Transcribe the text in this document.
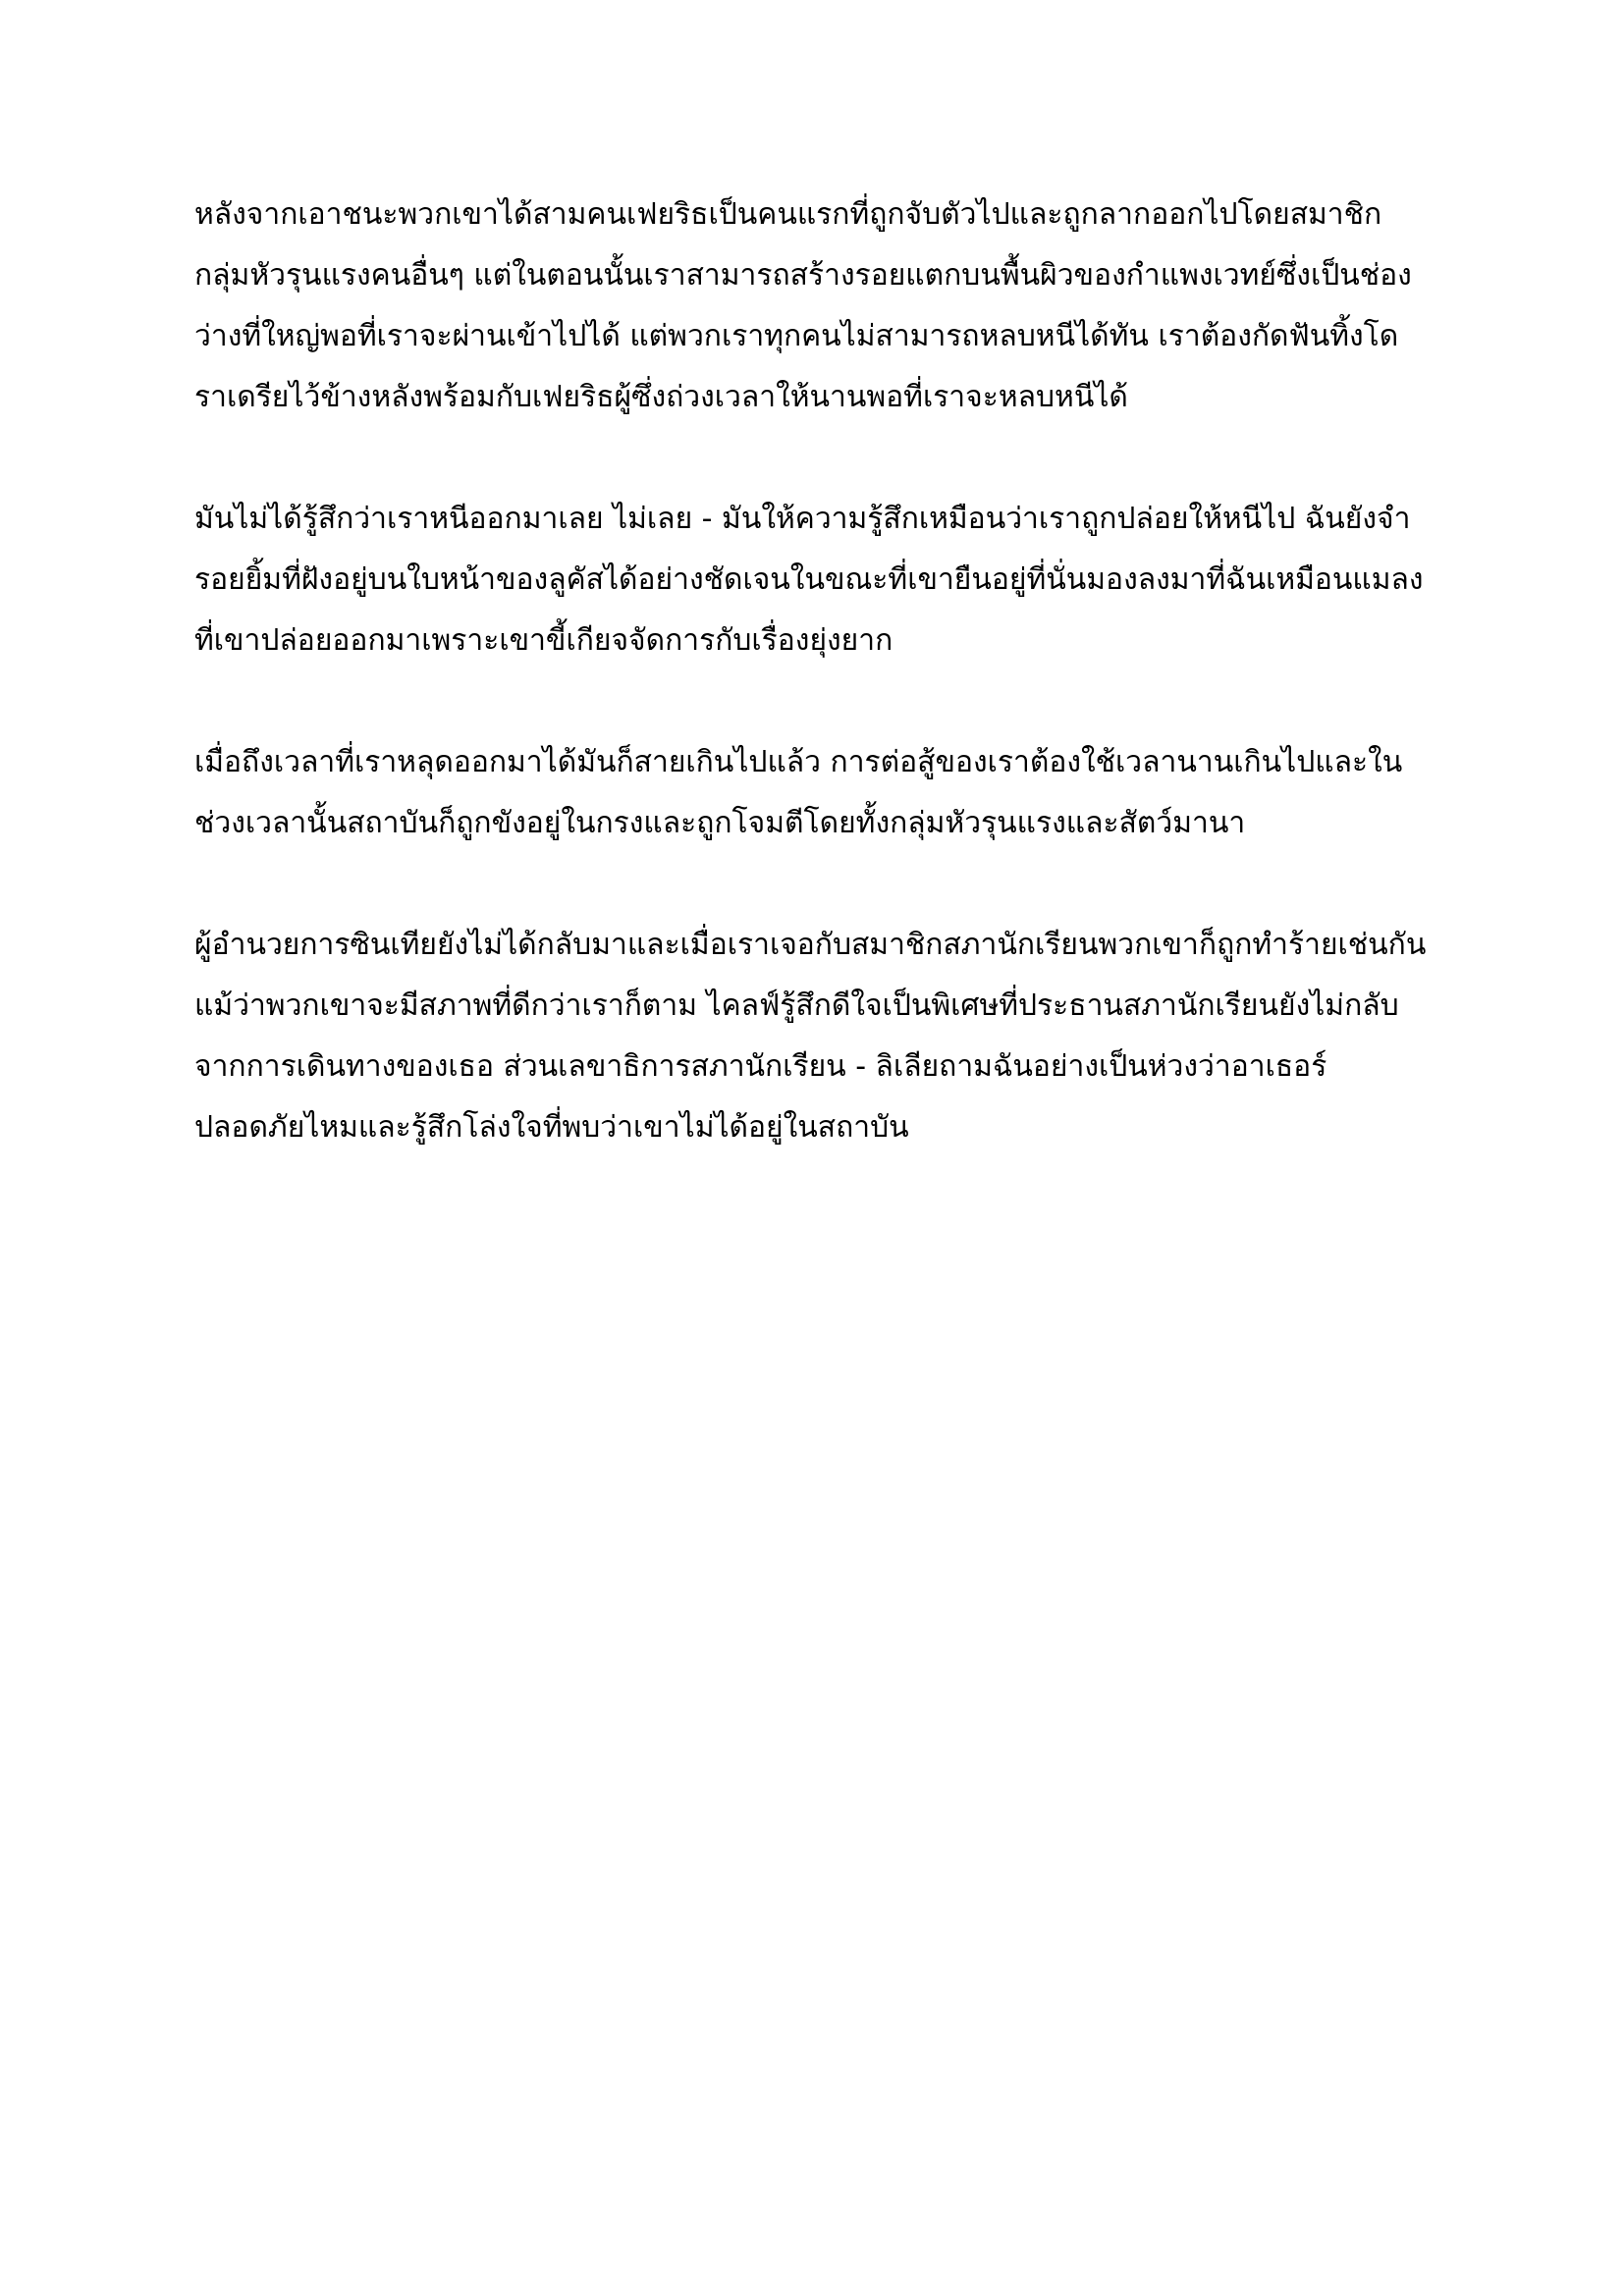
หลังจากเอาชนะพวกเขาได้สามคนเฟยริธเป็นคนแรกที่ถูกจับตัวไปและถูกลากออกไปโดยสมาชิกกลุ่มหัวรุนแรงคนอื่นๆ แต่ในตอนนั้นเราสามารถสร้างรอยแตกบนพื้นผิวของกำแพงเวทย์ซึ่งเป็นช่องว่างที่ใหญ่พอที่เราจะผ่านเข้าไปได้ แต่พวกเราทุกคนไม่สามารถหลบหนีได้ทัน เราต้องกัดฟันทิ้งโดราเดรียไว้ข้างหลังพร้อมกับเฟยริธผู้ซึ่งถ่วงเวลาให้นานพอที่เราจะหลบหนีได้

มันไม่ได้รู้สึกว่าเราหนีออกมาเลย ไม่เลย - มันให้ความรู้สึกเหมือนว่าเราถูกปล่อยให้หนีไป ฉันยังจำรอยยิ้มที่ฝังอยู่บนใบหน้าของลูคัสได้อย่างชัดเจนในขณะที่เขายืนอยู่ที่นั่นมองลงมาที่ฉันเหมือนแมลงที่เขาปล่อยออกมาเพราะเขาขี้เกียจจัดการกับเรื่องยุ่งยาก

เมื่อถึงเวลาที่เราหลุดออกมาได้มันก็สายเกินไปแล้ว การต่อสู้ของเราต้องใช้เวลานานเกินไปและในช่วงเวลานั้นสถาบันก็ถูกขังอยู่ในกรงและถูกโจมตีโดยทั้งกลุ่มหัวรุนแรงและสัตว์มานา

ผู้อำนวยการซินเทียยังไม่ได้กลับมาและเมื่อเราเจอกับสมาชิกสภานักเรียนพวกเขาก็ถูกทำร้ายเช่นกันแม้ว่าพวกเขาจะมีสภาพที่ดีกว่าเราก็ตาม ไคลฟ์รู้สึกดีใจเป็นพิเศษที่ประธานสภานักเรียนยังไม่กลับจากการเดินทางของเธอ ส่วนเลขาธิการสภานักเรียน - ลิเลียถามฉันอย่างเป็นห่วงว่าอาเธอร์ปลอดภัยไหมและรู้สึกโล่งใจที่พบว่าเขาไม่ได้อยู่ในสถาบัน
